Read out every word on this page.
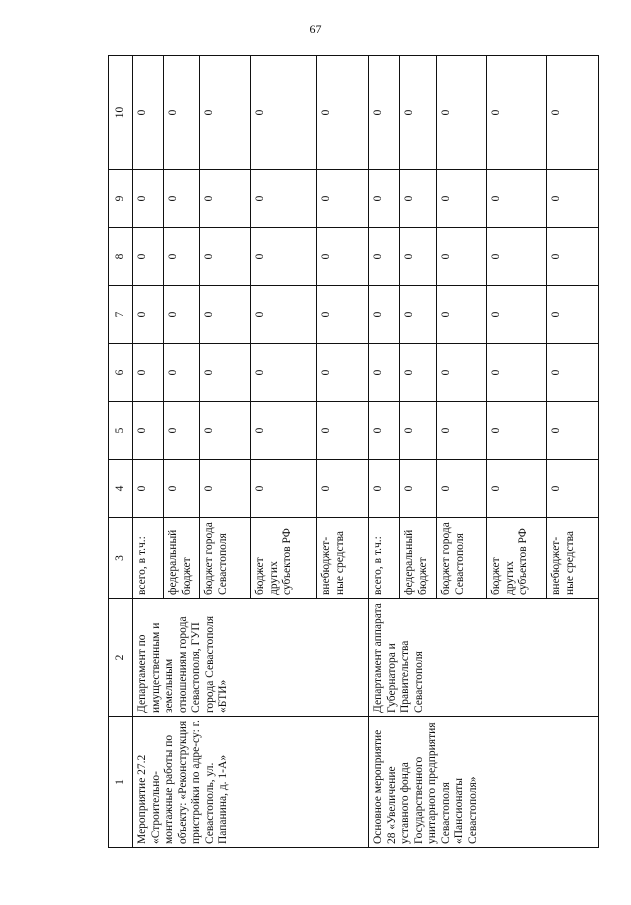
67
1	2	3	4	5	6	7	8	9	10
Мероприятие 27.2 «Строительно-монтажные работы по объекту: «Реконструкция пристройки по адре-су: г. Севастополь, ул. Папанина, д. 1-А»	Департамент по имущественным и земельным отношениям города Севастополя, ГУП города Севастополя «БТИ»	всего, в т.ч.:	0	0	0	0	0	0	0
		федеральный бюджет	0	0	0	0	0	0	0
		бюджет города Севастополя	0	0	0	0	0	0	0
		бюджет других субъектов РФ	0	0	0	0	0	0	0
		внебюджет-ные средства	0	0	0	0	0	0	0
Основное мероприятие 28 «Увеличение уставного фонда Государственного унитарного предприятия Севастополя «Пансионаты Севастополя»	Департамент аппарата Губернатора и Правительства Севастополя	всего, в т.ч.:	0	0	0	0	0	0	0
		федеральный бюджет	0	0	0	0	0	0	0
		бюджет города Севастополя	0	0	0	0	0	0	0
		бюджет других субъектов РФ	0	0	0	0	0	0	0
		внебюджет-ные средства	0	0	0	0	0	0	0
